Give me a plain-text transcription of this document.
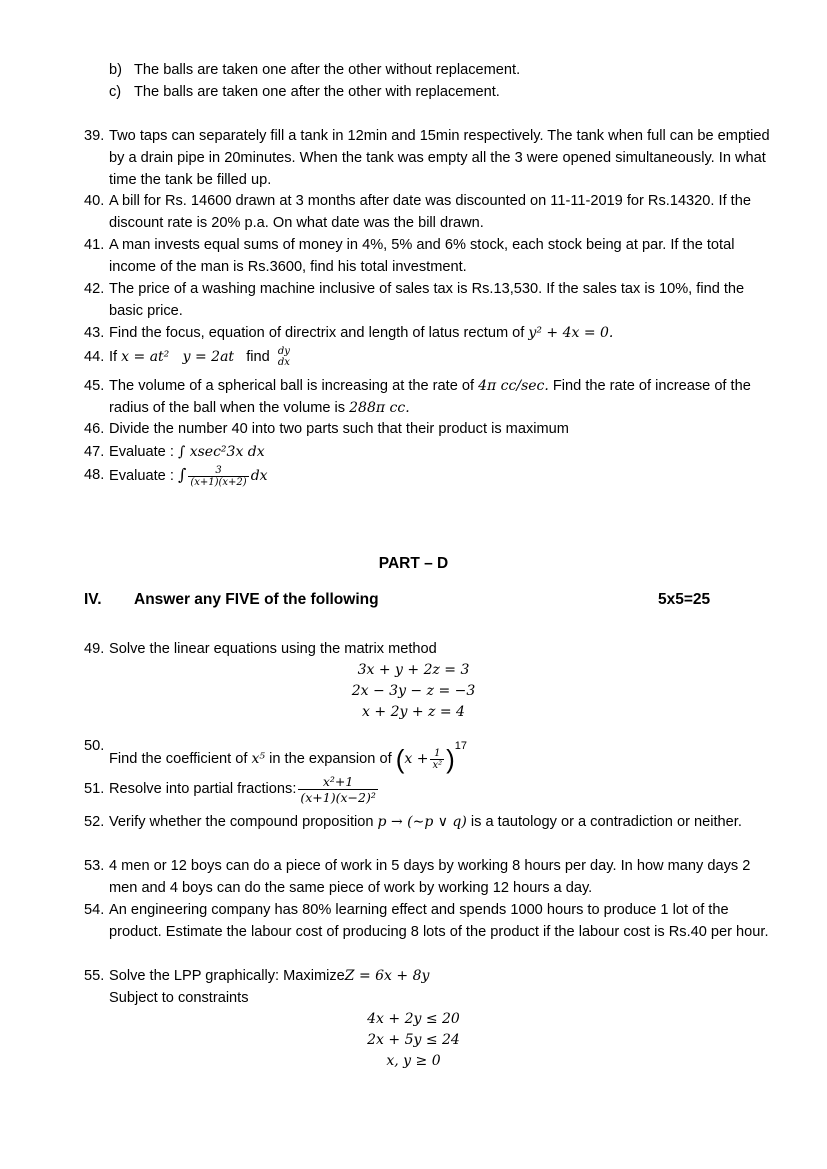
b) The balls are taken one after the other without replacement.
c) The balls are taken one after the other with replacement.
39. Two taps can separately fill a tank in 12min and 15min respectively. The tank when full can be emptied by a drain pipe in 20minutes. When the tank was empty all the 3 were opened simultaneously. In what time the tank be filled up.
40. A bill for Rs. 14600 drawn at 3 months after date was discounted on 11-11-2019 for Rs.14320. If the discount rate is 20% p.a. On what date was the bill drawn.
41. A man invests equal sums of money in 4%, 5% and 6% stock, each stock being at par. If the total income of the man is Rs.3600, find his total investment.
42. The price of a washing machine inclusive of sales tax is Rs.13,530. If the sales tax is 10%, find the basic price.
43. Find the focus, equation of directrix and length of latus rectum of y² + 4x = 0.
44. If x = at²   y = 2at find dy
dx
45. The volume of a spherical ball is increasing at the rate of 4π cc/sec. Find the rate of increase of the radius of the ball when the volume is 288π cc.
46. Divide the number 40 into two parts such that their product is maximum
47. Evaluate : ∫ xsec²3x dx
48. Evaluate : ∫ $\frac{3}{(x+1)(x+2)}$ dx
PART – D
IV. Answer any FIVE of the following	5x5=25
49. Solve the linear equations using the matrix method
3x + y + 2z = 3
2x − 3y − z = −3
x + 2y + z = 4
50.
Find the coefficient of x⁵ in the expansion of $(x + \frac{1}{\text{x²}} )^{17}$
51. Resolve into partial fractions: $\frac{\text{x²+1}}{\text{(x+1)(x−2)²}}$
52. Verify whether the compound proposition p → (∼p ∨ q) is a tautology or a contradiction or neither.
53. 4 men or 12 boys can do a piece of work in 5 days by working 8 hours per day. In how many days 2 men and 4 boys can do the same piece of work by working 12 hours a day.
54. An engineering company has 80% learning effect and spends 1000 hours to produce 1 lot of the product. Estimate the labour cost of producing 8 lots of the product if the labour cost is Rs.40 per hour.
55. Solve the LPP graphically: MaximizeZ = 6x + 8y
Subject to constraints
4x + 2y ≤ 20
2x + 5y ≤ 24
x, y ≥ 0
